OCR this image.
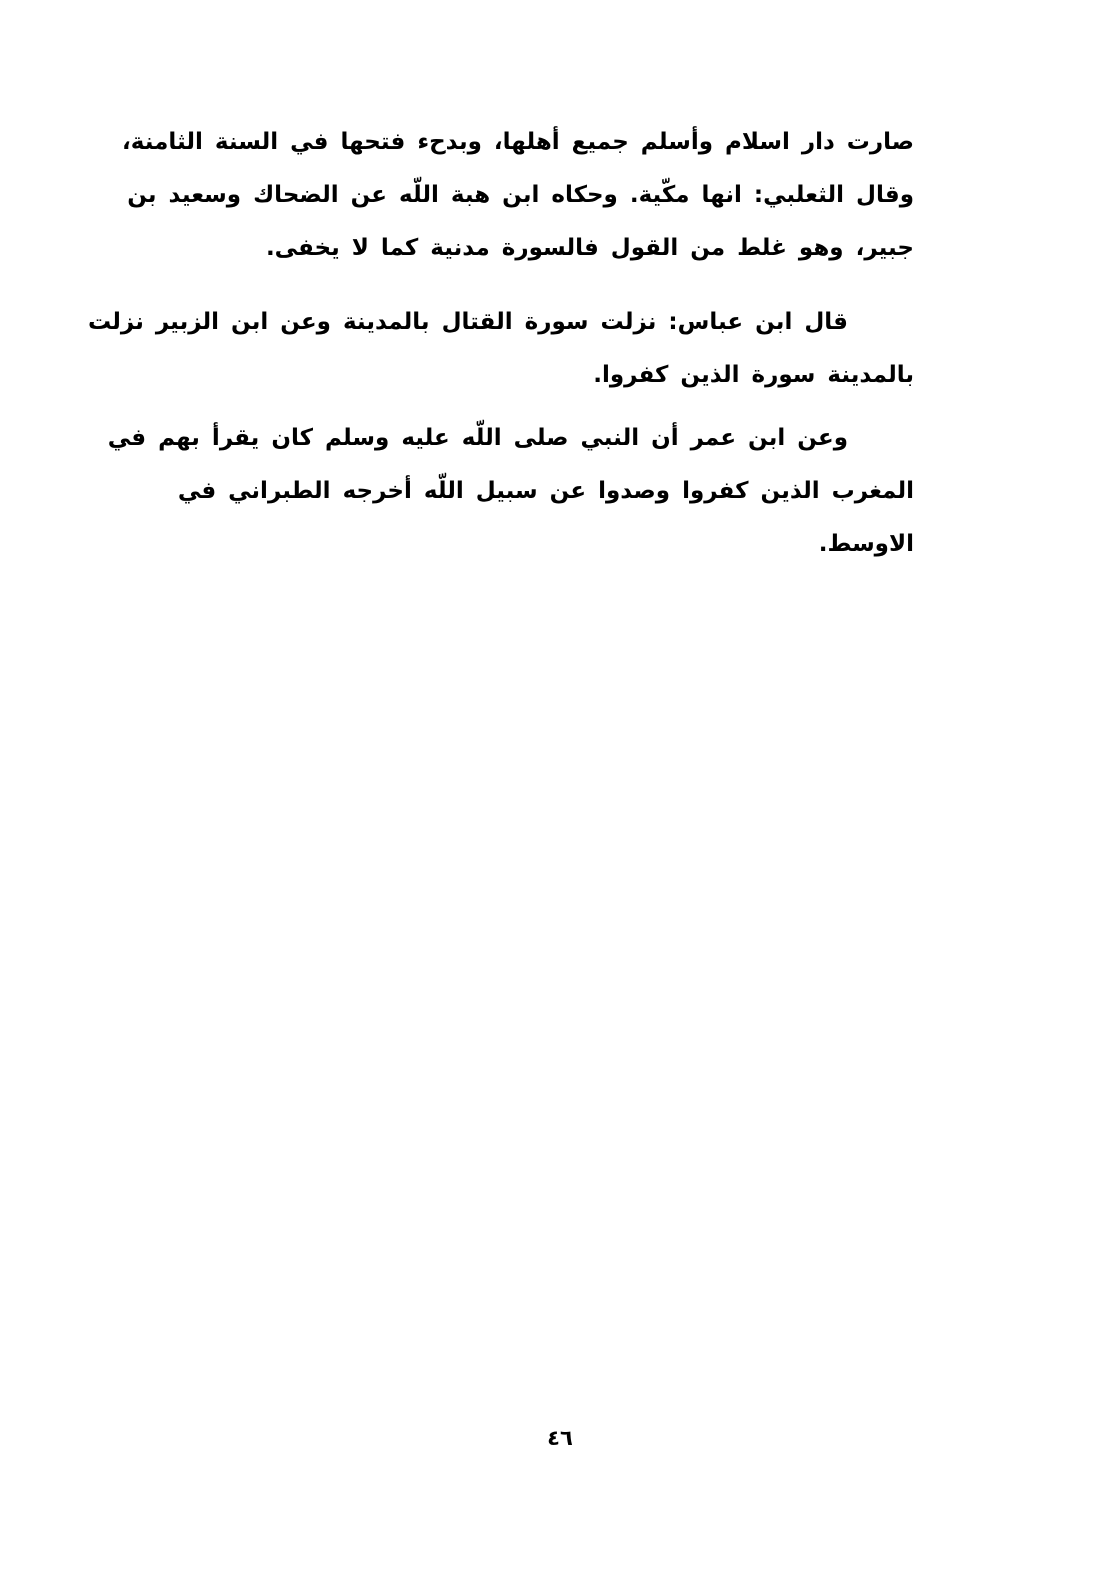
صارت دار اسلام وأسلم جميع أهلها، وبدحء فتحها في السنة الثامنة،
وقال الثعلبي: انها مكّية. وحكاه ابن هبة اللّه عن الضحاك وسعيد بن
جبير، وهو غلط من القول فالسورة مدنية كما لا يخفى.
قال ابن عباس: نزلت سورة القتال بالمدينة وعن ابن الزبير نزلت
بالمدينة سورة الذين كفروا.
وعن ابن عمر أن النبي صلى اللّه عليه وسلم كان يقرأ بهم في
المغرب الذين كفروا وصدوا عن سبيل اللّه أخرجه الطبراني في
الاوسط.
٤٦
